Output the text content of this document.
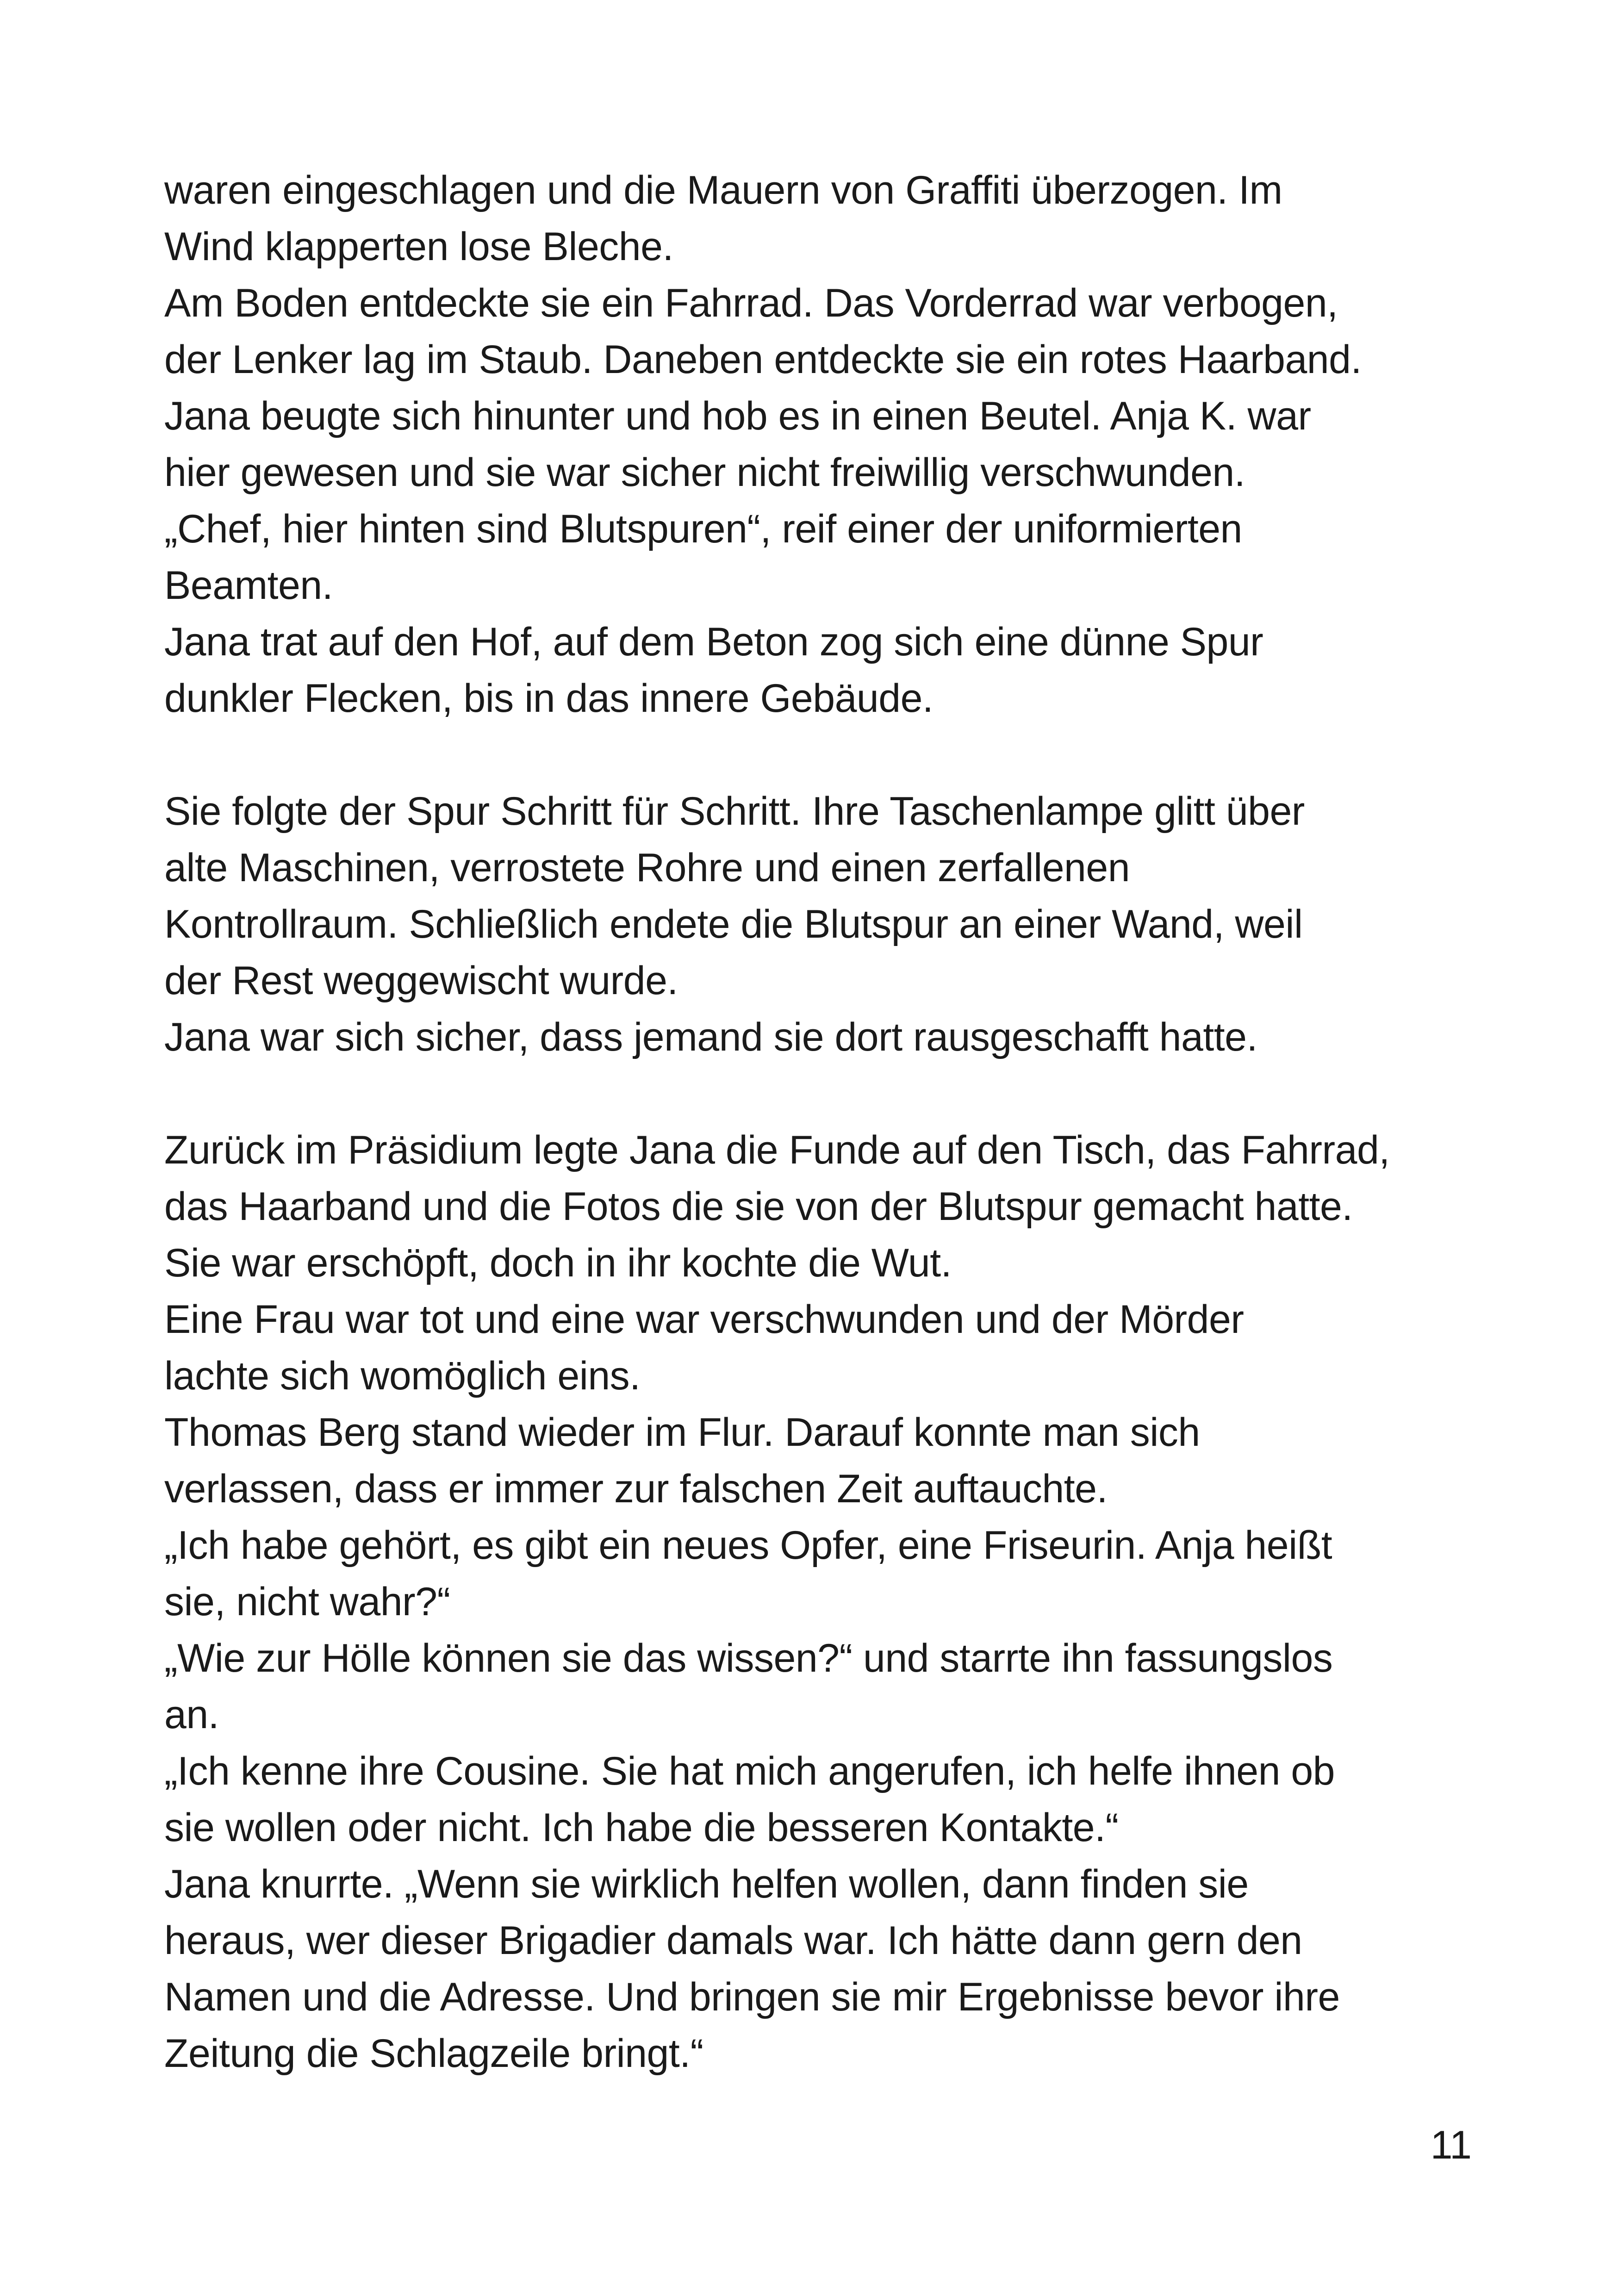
waren eingeschlagen und die Mauern von Graffiti überzogen. Im
Wind klapperten lose Bleche.
Am Boden entdeckte sie ein Fahrrad. Das Vorderrad war verbogen,
der Lenker lag im Staub. Daneben entdeckte sie ein rotes Haarband.
Jana beugte sich hinunter und hob es in einen Beutel. Anja K. war
hier gewesen und sie war sicher nicht freiwillig verschwunden.
„Chef, hier hinten sind Blutspuren“, reif einer der uniformierten
Beamten.
Jana trat auf den Hof, auf dem Beton zog sich eine dünne Spur
dunkler Flecken, bis in das innere Gebäude.
Sie folgte der Spur Schritt für Schritt. Ihre Taschenlampe glitt über
alte Maschinen, verrostete Rohre und einen zerfallenen
Kontrollraum. Schließlich endete die Blutspur an einer Wand, weil
der Rest weggewischt wurde.
Jana war sich sicher, dass jemand sie dort rausgeschafft hatte.
Zurück im Präsidium legte Jana die Funde auf den Tisch, das Fahrrad,
das Haarband und die Fotos die sie von der Blutspur gemacht hatte.
Sie war erschöpft, doch in ihr kochte die Wut.
Eine Frau war tot und eine war verschwunden und der Mörder
lachte sich womöglich eins.
Thomas Berg stand wieder im Flur. Darauf konnte man sich
verlassen, dass er immer zur falschen Zeit auftauchte.
„Ich habe gehört, es gibt ein neues Opfer, eine Friseurin. Anja heißt
sie, nicht wahr?“
„Wie zur Hölle können sie das wissen?“ und starrte ihn fassungslos
an.
„Ich kenne ihre Cousine. Sie hat mich angerufen, ich helfe ihnen ob
sie wollen oder nicht. Ich habe die besseren Kontakte.“
Jana knurrte. „Wenn sie wirklich helfen wollen, dann finden sie
heraus, wer dieser Brigadier damals war. Ich hätte dann gern den
Namen und die Adresse. Und bringen sie mir Ergebnisse bevor ihre
Zeitung die Schlagzeile bringt.“
11
